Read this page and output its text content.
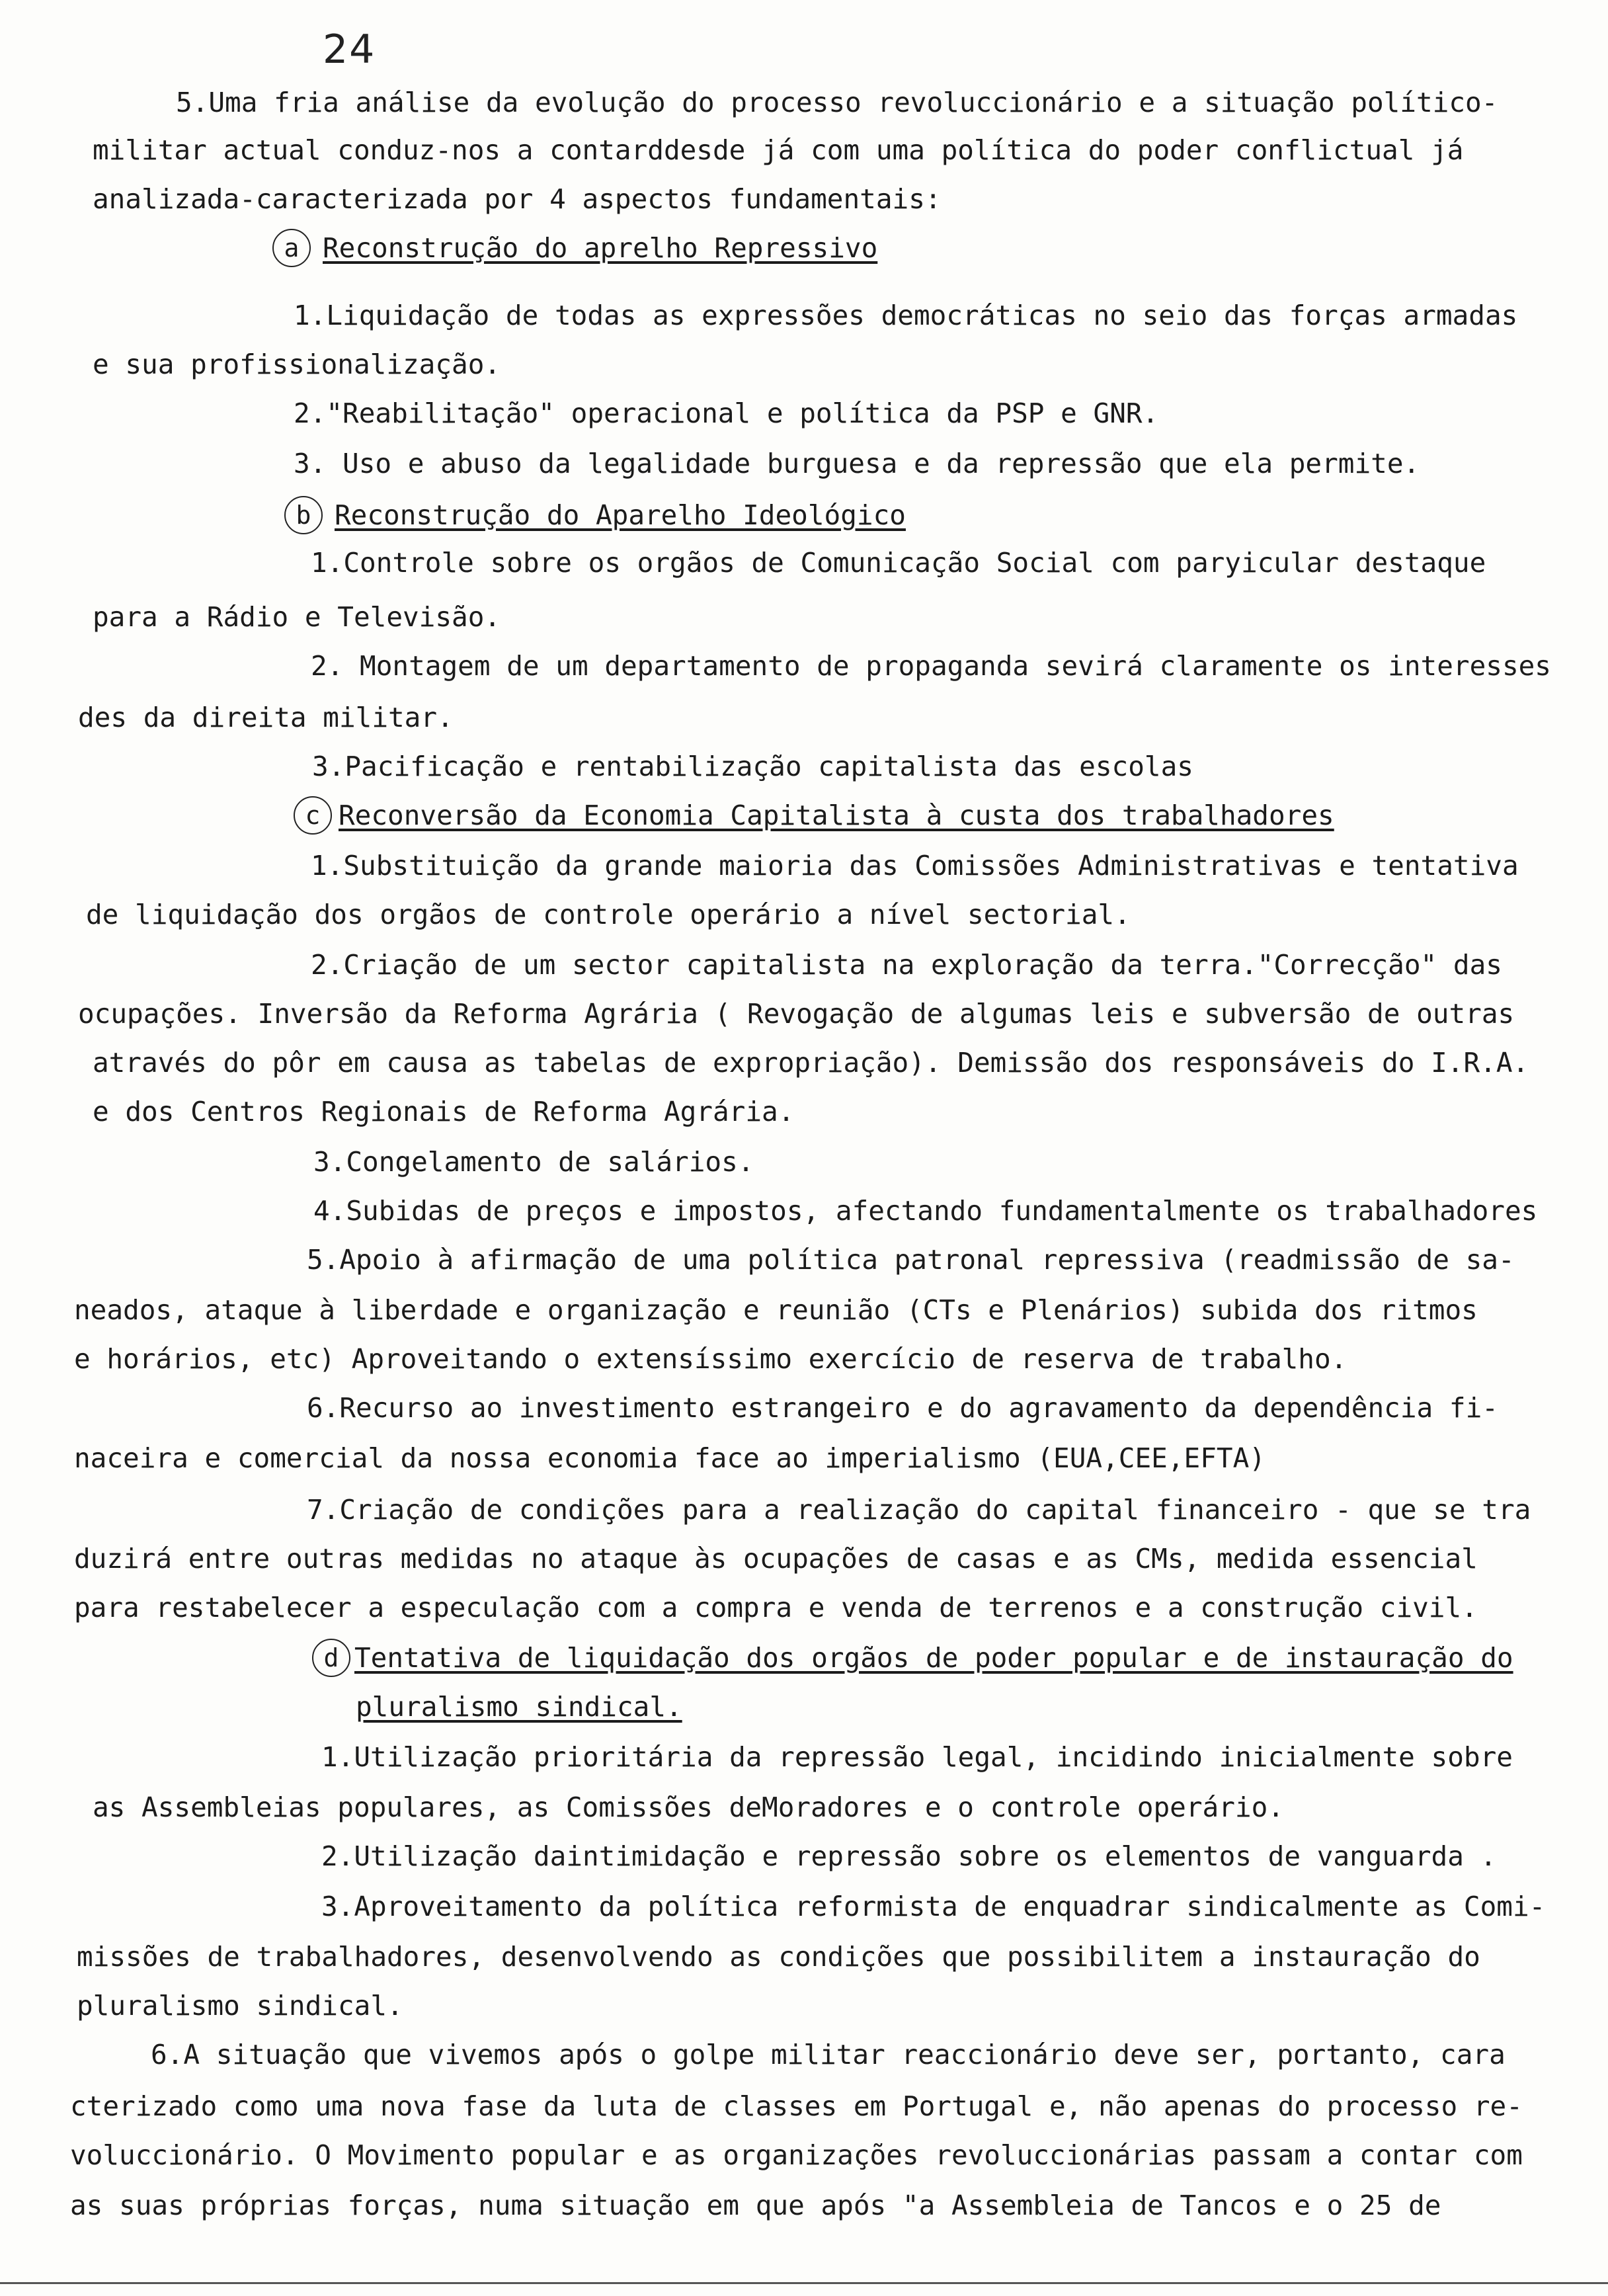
24
5.Uma fria análise da evolução do processo revoluccionário e a situação político-
militar actual conduz-nos a contarddesde já com uma política do poder conflictual já
analizada-caracterizada por 4 aspectos fundamentais:
a Reconstrução do aprelho Repressivo
1.Liquidação de todas as expressões democráticas no seio das forças armadas
e sua profissionalização.
2."Reabilitação" operacional e política da PSP e GNR.
3. Uso e abuso da legalidade burguesa e da repressão que ela permite.
b Reconstrução do Aparelho Ideológico
1.Controle sobre os orgãos de Comunicação Social com paryicular destaque
para a Rádio e Televisão.
2. Montagem de um departamento de propaganda sevirá claramente os interesses
des da direita militar.
3.Pacificação e rentabilização capitalista das escolas
c Reconversão da Economia Capitalista à custa dos trabalhadores
1.Substituição da grande maioria das Comissões Administrativas e tentativa
de liquidação dos orgãos de controle operário a nível sectorial.
2.Criação de um sector capitalista na exploração da terra."Correcção" das
ocupações. Inversão da Reforma Agrária ( Revogação de algumas leis e subversão de outras
através do pôr em causa as tabelas de expropriação). Demissão dos responsáveis do I.R.A.
e dos Centros Regionais de Reforma Agrária.
3.Congelamento de salários.
4.Subidas de preços e impostos, afectando fundamentalmente os trabalhadores
5.Apoio à afirmação de uma política patronal repressiva (readmissão de sa-
neados, ataque à liberdade e organização e reunião (CTs e Plenários) subida dos ritmos
e horários, etc) Aproveitando o extensíssimo exercício de reserva de trabalho.
6.Recurso ao investimento estrangeiro e do agravamento da dependência fi-
naceira e comercial da nossa economia face ao imperialismo (EUA,CEE,EFTA)
7.Criação de condições para a realização do capital financeiro - que se tra
duzirá entre outras medidas no ataque às ocupações de casas e as CMs, medida essencial
para restabelecer a especulação com a compra e venda de terrenos e a construção civil.
d Tentativa de liquidação dos orgãos de poder popular e de instauração do
pluralismo sindical.
1.Utilização prioritária da repressão legal, incidindo inicialmente sobre
as Assembleias populares, as Comissões deMoradores e o controle operário.
2.Utilização daintimidação e repressão sobre os elementos de vanguarda .
3.Aproveitamento da política reformista de enquadrar sindicalmente as Comi-
missões de trabalhadores, desenvolvendo as condições que possibilitem a instauração do
pluralismo sindical.
6.A situação que vivemos após o golpe militar reaccionário deve ser, portanto, cara
cterizado como uma nova fase da luta de classes em Portugal e, não apenas do processo re-
voluccionário. O Movimento popular e as organizações revoluccionárias passam a contar com
as suas próprias forças, numa situação em que após "a Assembleia de Tancos e o 25 de
